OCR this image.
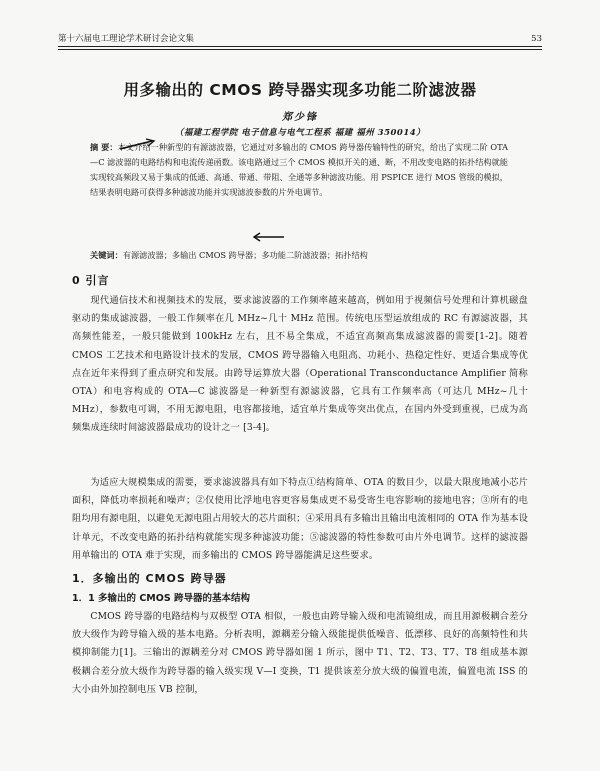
第十六届电工理论学术研讨会论文集	53
用多输出的 CMOS 跨导器实现多功能二阶滤波器
郑少锋
（福建工程学院 电子信息与电气工程系 福建 福州 350014）
摘 要：本文介绍一种新型的有源滤波器，它通过对多输出的 CMOS 跨导器传输特性的研究，给出了实现二阶 OTA—C 滤波器的电路结构和电流传递函数。该电路通过三个 CMOS 模拟开关的通、断，不用改变电路的拓扑结构就能实现较高频段又易于集成的低通、高通、带通、带阻、全通等多种滤波功能。用 PSPICE 进行 MOS 管级的模拟，结果表明电路可获得多种滤波功能并实现滤波参数的片外电调节。
关键词：有源滤波器；多输出 CMOS 跨导器；多功能二阶滤波器；拓扑结构
0 引言
现代通信技术和视频技术的发展，要求滤波器的工作频率越来越高，例如用于视频信号处理和计算机磁盘驱动的集成滤波器，一般工作频率在几 MHz~几十 MHz 范围。传统电压型运放组成的 RC 有源滤波器，其高频性能差，一般只能做到 100kHz 左右，且不易全集成，不适宜高频高集成滤波器的需要[1-2]。随着 CMOS 工艺技术和电路设计技术的发展，CMOS 跨导器输入电阻高、功耗小、热稳定性好、更适合集成等优点在近年来得到了重点研究和发展。由跨导运算放大器（Operational Transconductance Amplifier 简称 OTA）和电容构成的 OTA—C 滤波器是一种新型有源滤波器，它具有工作频率高（可达几 MHz~几十 MHz），参数电可调，不用无源电阻，电容都接地，适宜单片集成等突出优点，在国内外受到重视，已成为高频集成连续时间滤波器最成功的设计之一 [3-4]。
为适应大规模集成的需要，要求滤波器具有如下特点①结构简单、OTA 的数目少，以最大限度地减小芯片面积，降低功率损耗和噪声；②仅使用比浮地电容更容易集成更不易受寄生电容影响的接地电容；③所有的电阻均用有源电阻，以避免无源电阻占用较大的芯片面积；④采用具有多输出且输出电流相同的 OTA 作为基本设计单元，不改变电路的拓扑结构就能实现多种滤波功能；⑤滤波器的特性参数可由片外电调节。这样的滤波器用单输出的 OTA 难于实现，而多输出的 CMOS 跨导器能满足这些要求。
1．多输出的 CMOS 跨导器
1．1 多输出的 CMOS 跨导器的基本结构
CMOS 跨导器的电路结构与双极型 OTA 相似，一般也由跨导输入级和电流镜组成，而且用源极耦合差分放大级作为跨导输入级的基本电路。分析表明，源耦差分输入级能提供低噪音、低漂移、良好的高频特性和共模抑制能力[1]。三输出的源耦差分对 CMOS 跨导器如图 1 所示，图中 T1、T2、T3、T7、T8 组成基本源极耦合差分放大级作为跨导器的输入级实现 V—I 变换，T1 提供该差分放大级的偏置电流，偏置电流 ISS 的大小由外加控制电压 VB 控制，
